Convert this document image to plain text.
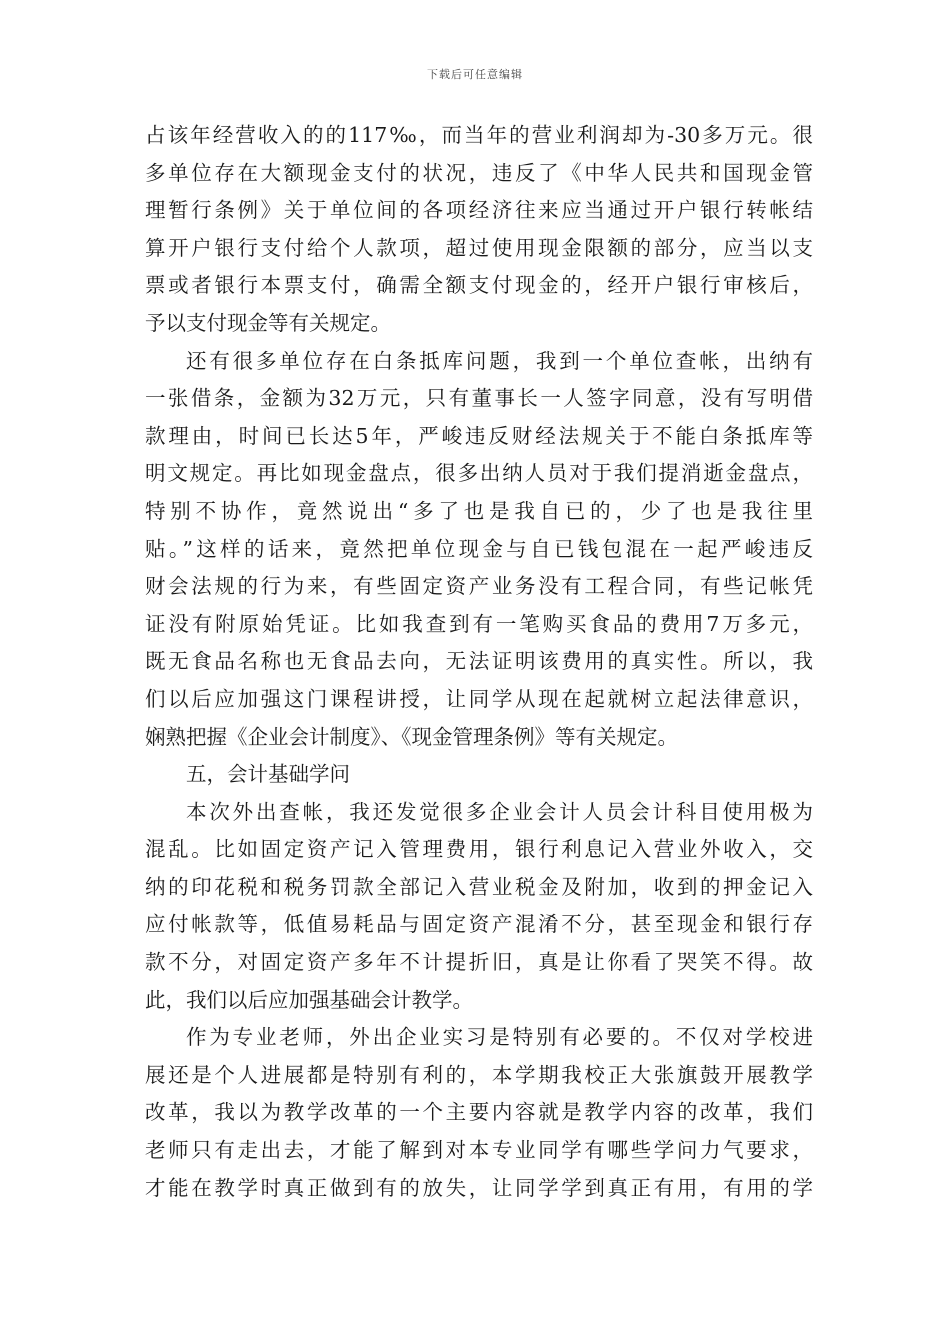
下载后可任意编辑
占该年经营收入的的117‰，而当年的营业利润却为-30多万元。很
多单位存在大额现金支付的状况，违反了《中华人民共和国现金管
理暂行条例》关于单位间的各项经济往来应当通过开户银行转帐结
算开户银行支付给个人款项，超过使用现金限额的部分，应当以支
票或者银行本票支付，确需全额支付现金的，经开户银行审核后，
予以支付现金等有关规定。
还有很多单位存在白条抵库问题，我到一个单位查帐，出纳有
一张借条，金额为32万元，只有董事长一人签字同意，没有写明借
款理由，时间已长达5年，严峻违反财经法规关于不能白条抵库等
明文规定。再比如现金盘点，很多出纳人员对于我们提消逝金盘点，
特别不协作，竟然说出“多了也是我自已的，少了也是我往里
贴。”这样的话来，竟然把单位现金与自已钱包混在一起严峻违反
财会法规的行为来，有些固定资产业务没有工程合同，有些记帐凭
证没有附原始凭证。比如我查到有一笔购买食品的费用7万多元，
既无食品名称也无食品去向，无法证明该费用的真实性。所以，我
们以后应加强这门课程讲授，让同学从现在起就树立起法律意识，
娴熟把握《企业会计制度》、《现金管理条例》等有关规定。
五，会计基础学问
本次外出查帐，我还发觉很多企业会计人员会计科目使用极为
混乱。比如固定资产记入管理费用，银行利息记入营业外收入，交
纳的印花税和税务罚款全部记入营业税金及附加，收到的押金记入
应付帐款等，低值易耗品与固定资产混淆不分，甚至现金和银行存
款不分，对固定资产多年不计提折旧，真是让你看了哭笑不得。故
此，我们以后应加强基础会计教学。
作为专业老师，外出企业实习是特别有必要的。不仅对学校进
展还是个人进展都是特别有利的，本学期我校正大张旗鼓开展教学
改革，我以为教学改革的一个主要内容就是教学内容的改革，我们
老师只有走出去，才能了解到对本专业同学有哪些学问力气要求，
才能在教学时真正做到有的放失，让同学学到真正有用，有用的学
